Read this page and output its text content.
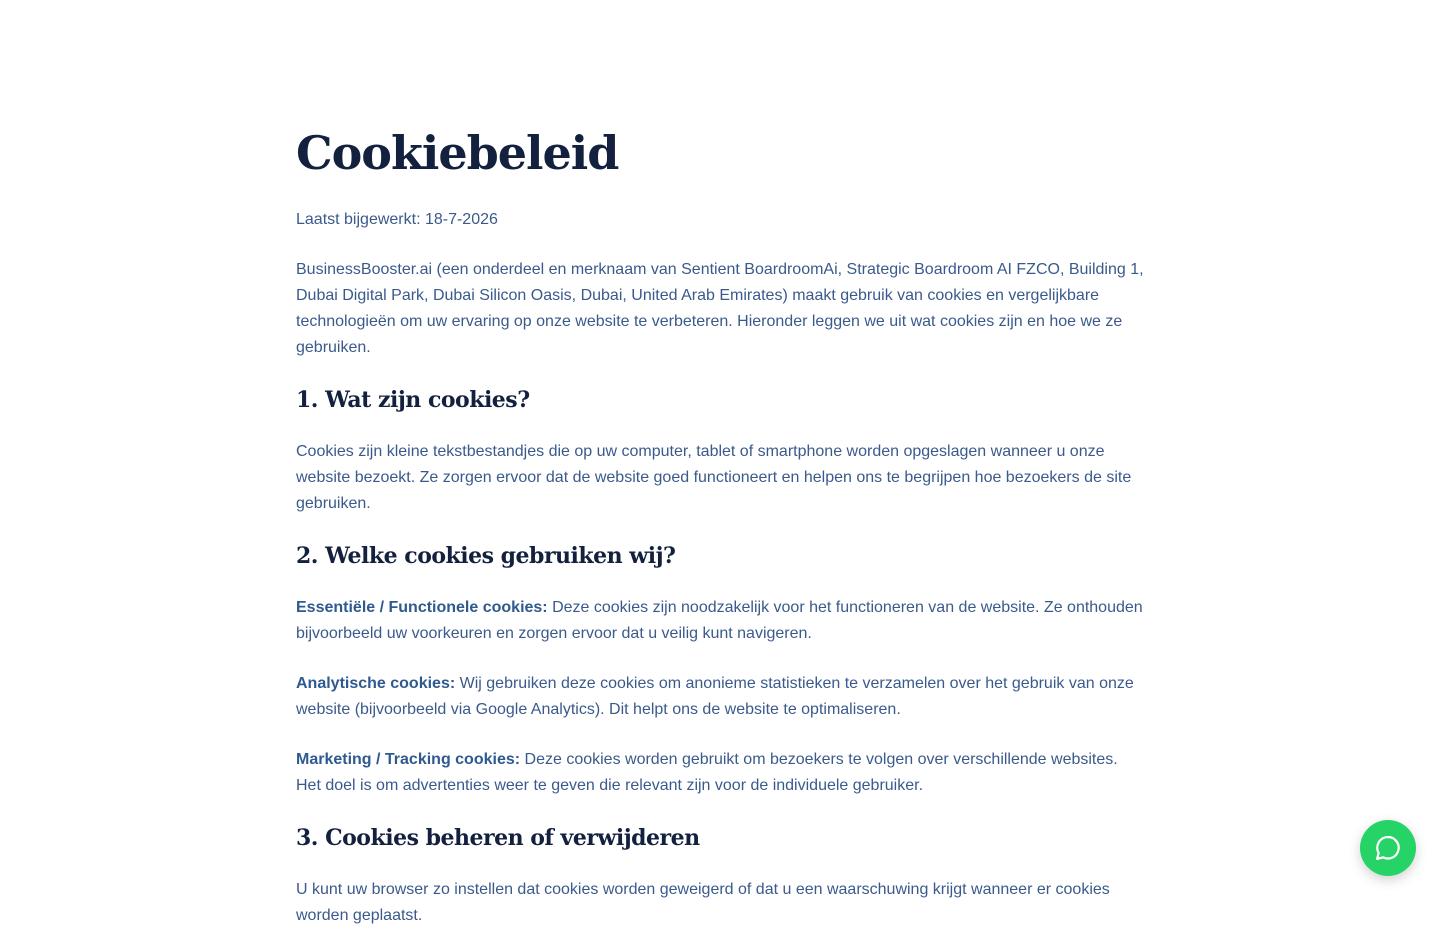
Cookiebeleid

Laatst bijgewerkt: 18-7-2026

BusinessBooster.ai (een onderdeel en merknaam van Sentient BoardroomAi, Strategic Boardroom AI FZCO, Building 1, Dubai Digital Park, Dubai Silicon Oasis, Dubai, United Arab Emirates) maakt gebruik van cookies en vergelijkbare technologieën om uw ervaring op onze website te verbeteren. Hieronder leggen we uit wat cookies zijn en hoe we ze gebruiken.

1. Wat zijn cookies?

Cookies zijn kleine tekstbestandjes die op uw computer, tablet of smartphone worden opgeslagen wanneer u onze website bezoekt. Ze zorgen ervoor dat de website goed functioneert en helpen ons te begrijpen hoe bezoekers de site gebruiken.

2. Welke cookies gebruiken wij?

Essentiële / Functionele cookies: Deze cookies zijn noodzakelijk voor het functioneren van de website. Ze onthouden bijvoorbeeld uw voorkeuren en zorgen ervoor dat u veilig kunt navigeren.

Analytische cookies: Wij gebruiken deze cookies om anonieme statistieken te verzamelen over het gebruik van onze website (bijvoorbeeld via Google Analytics). Dit helpt ons de website te optimaliseren.

Marketing / Tracking cookies: Deze cookies worden gebruikt om bezoekers te volgen over verschillende websites. Het doel is om advertenties weer te geven die relevant zijn voor de individuele gebruiker.

3. Cookies beheren of verwijderen

U kunt uw browser zo instellen dat cookies worden geweigerd of dat u een waarschuwing krijgt wanneer er cookies worden geplaatst.
